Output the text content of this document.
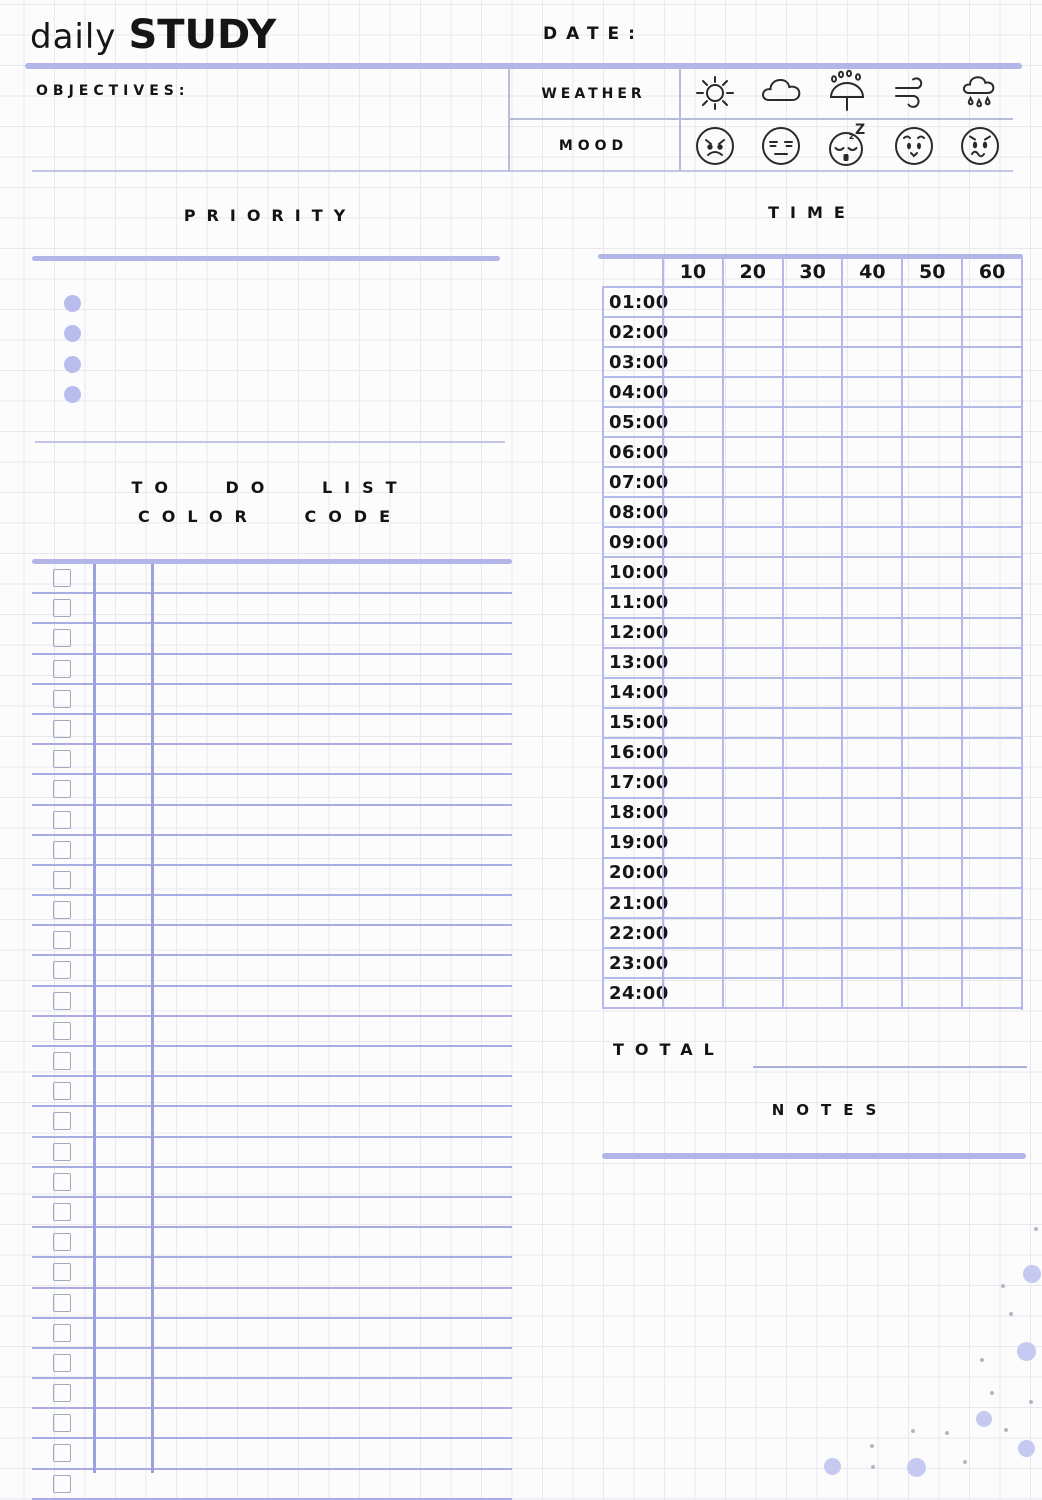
daily STUDY	DATE:
OBJECTIVES:	WEATHER
MOOD
z Z
PRIORITY
TO DO LIST
COLOR CODE
TIME
10	20	30	40	50	60
01:00
02:00
03:00
04:00
05:00
06:00
07:00
08:00
09:00
10:00
11:00
12:00
13:00
14:00
15:00
16:00
17:00
18:00
19:00
20:00
21:00
22:00
23:00
24:00
TOTAL
NOTES
